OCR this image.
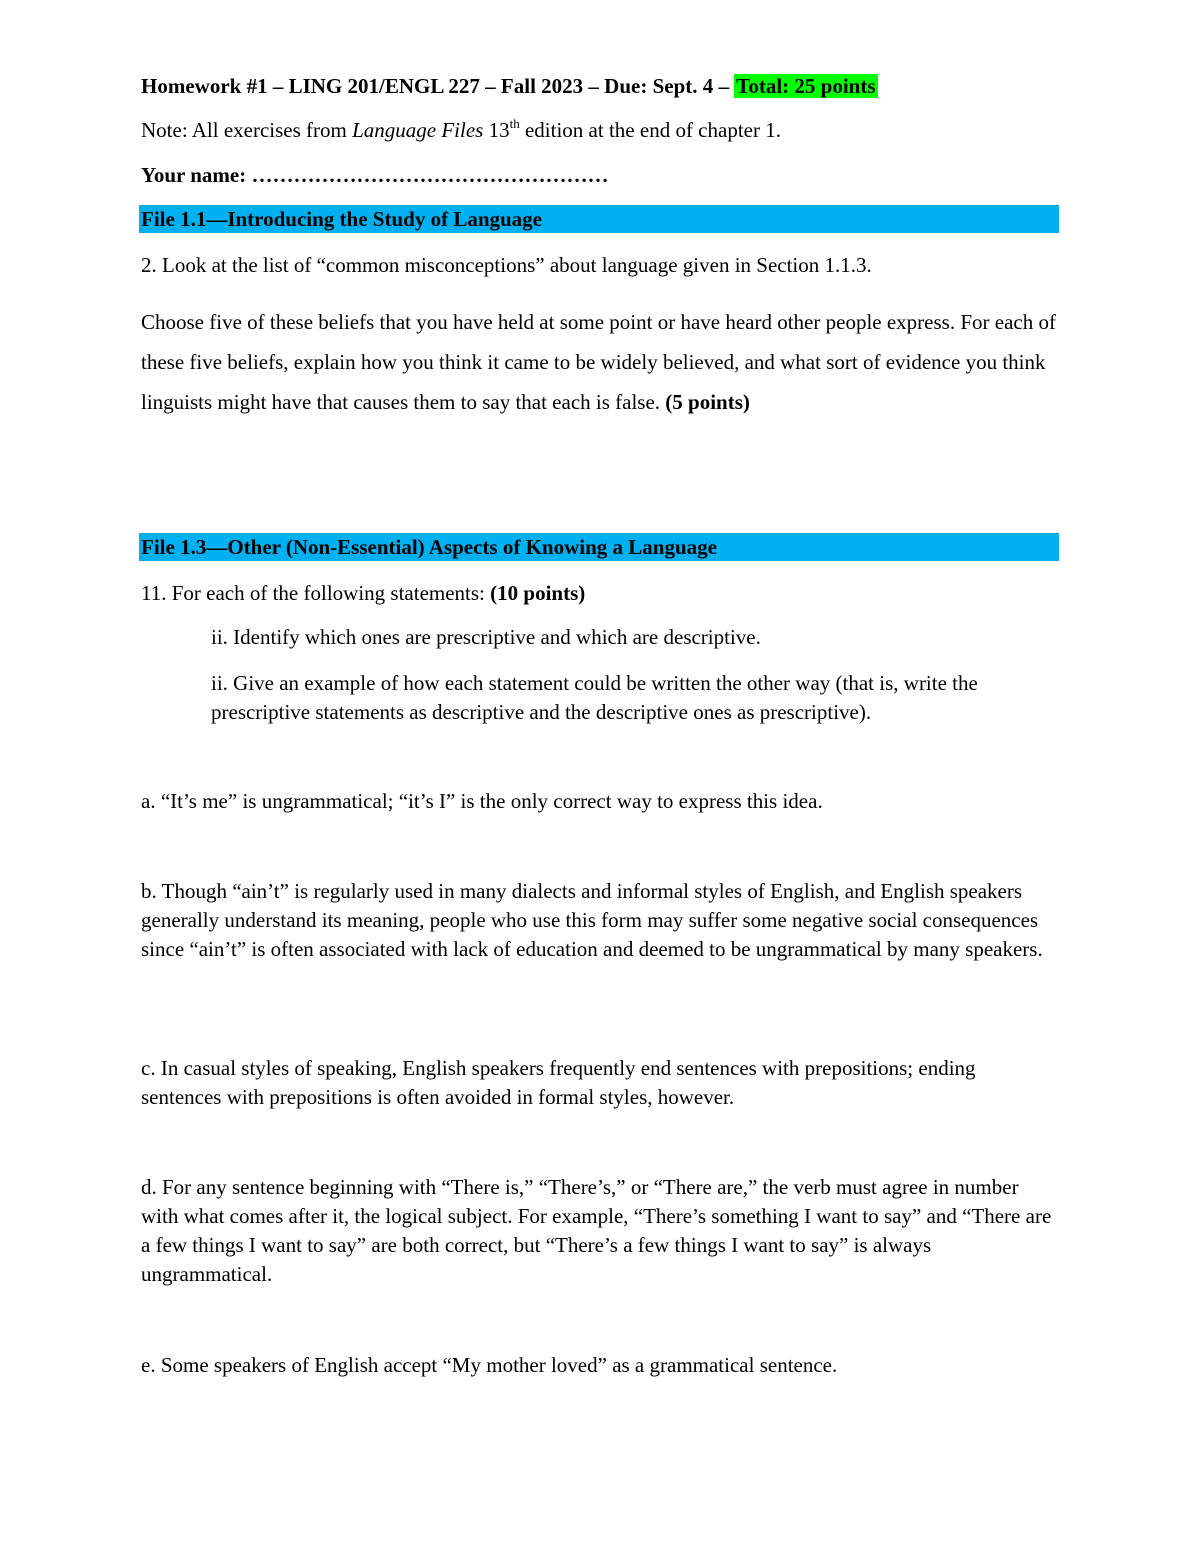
Homework #1 – LING 201/ENGL 227 – Fall 2023 – Due: Sept. 4 – Total: 25 points
Note: All exercises from Language Files 13th edition at the end of chapter 1.
Your name: ……………………………………………
File 1.1—Introducing the Study of Language
2. Look at the list of “common misconceptions” about language given in Section 1.1.3.
Choose five of these beliefs that you have held at some point or have heard other people express. For each of these five beliefs, explain how you think it came to be widely believed, and what sort of evidence you think linguists might have that causes them to say that each is false. (5 points)
File 1.3—Other (Non-Essential) Aspects of Knowing a Language
11. For each of the following statements: (10 points)
ii. Identify which ones are prescriptive and which are descriptive.
ii. Give an example of how each statement could be written the other way (that is, write the prescriptive statements as descriptive and the descriptive ones as prescriptive).
a. “It’s me” is ungrammatical; “it’s I” is the only correct way to express this idea.
b. Though “ain’t” is regularly used in many dialects and informal styles of English, and English speakers generally understand its meaning, people who use this form may suffer some negative social consequences since “ain’t” is often associated with lack of education and deemed to be ungrammatical by many speakers.
c. In casual styles of speaking, English speakers frequently end sentences with prepositions; ending sentences with prepositions is often avoided in formal styles, however.
d. For any sentence beginning with “There is,” “There’s,” or “There are,” the verb must agree in number with what comes after it, the logical subject. For example, “There’s something I want to say” and “There are a few things I want to say” are both correct, but “There’s a few things I want to say” is always ungrammatical.
e. Some speakers of English accept “My mother loved” as a grammatical sentence.
